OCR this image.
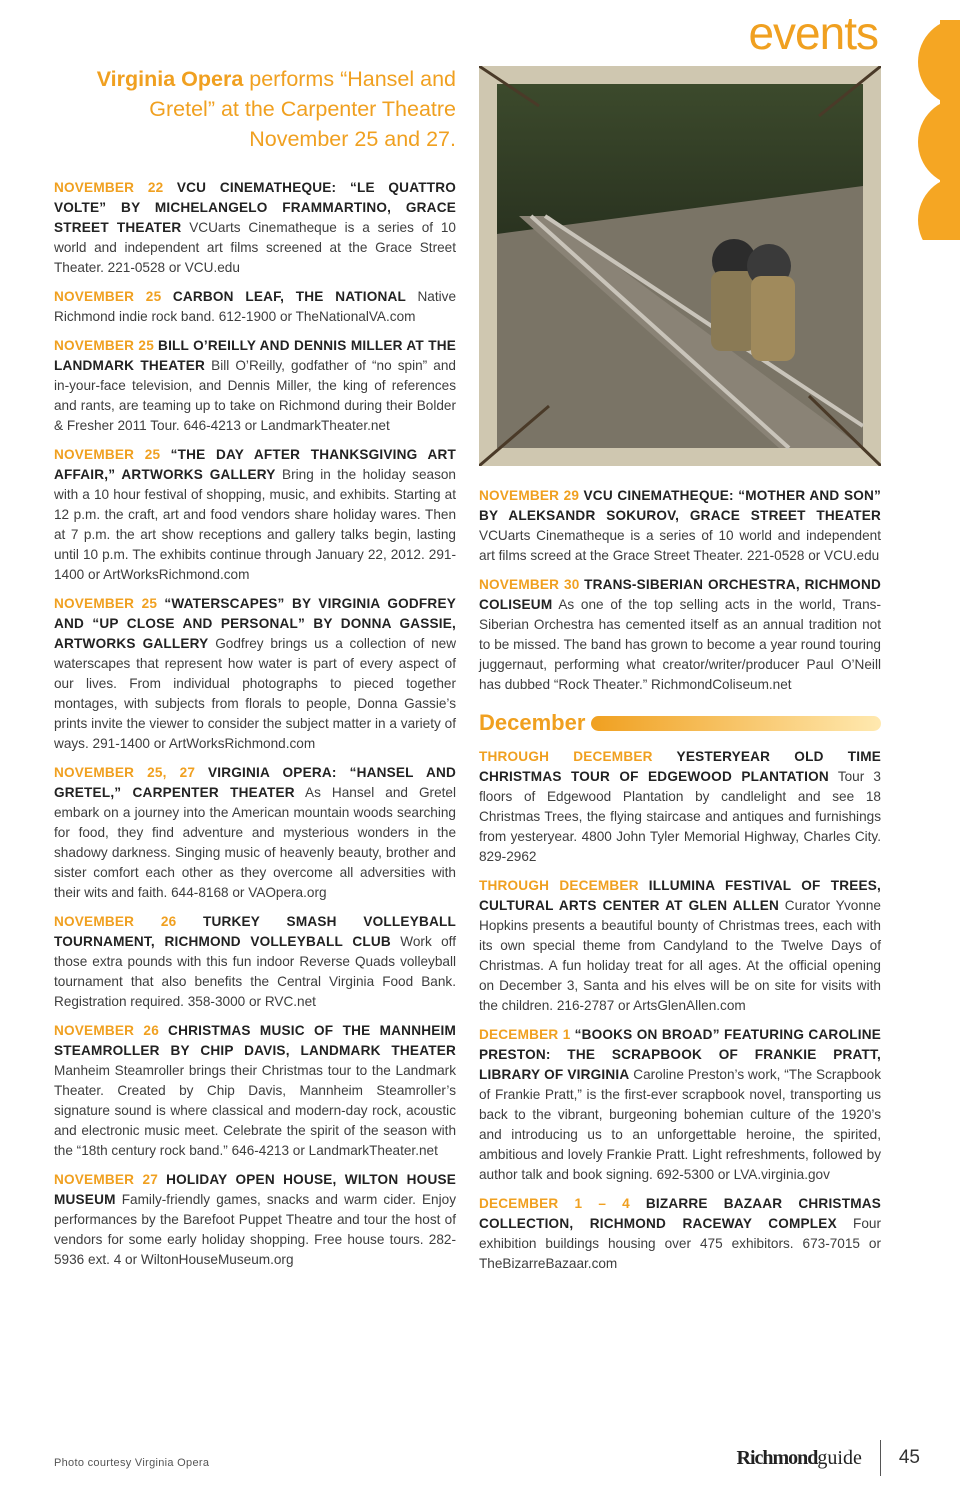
events
Virginia Opera performs “Hansel and Gretel” at the Carpenter Theatre November 25 and 27.

NOVEMBER 22 VCU CINEMATHEQUE: “LE QUATTRO VOLTE” BY MICHELANGELO FRAMMARTINO, GRACE STREET THEATER VCUarts Cinematheque is a series of 10 world and independent art films screened at the Grace Street Theater. 221-0528 or VCU.edu

NOVEMBER 25 CARBON LEAF, THE NATIONAL Native Richmond indie rock band. 612-1900 or TheNationalVA.com

NOVEMBER 25 BILL O’REILLY AND DENNIS MILLER AT THE LANDMARK THEATER Bill O’Reilly, godfather of “no spin” and in-your-face television, and Dennis Miller, the king of references and rants, are teaming up to take on Richmond during their Bolder & Fresher 2011 Tour. 646-4213 or LandmarkTheater.net

NOVEMBER 25 “THE DAY AFTER THANKSGIVING ART AFFAIR,” ARTWORKS GALLERY Bring in the holiday season with a 10 hour festival of shopping, music, and exhibits. Starting at 12 p.m. the craft, art and food vendors share holiday wares. Then at 7 p.m. the art show receptions and gallery talks begin, lasting until 10 p.m. The exhibits continue through January 22, 2012. 291-1400 or ArtWorksRichmond.com

NOVEMBER 25 “WATERSCAPES” BY VIRGINIA GODFREY AND “UP CLOSE AND PERSONAL” BY DONNA GASSIE, ARTWORKS GALLERY Godfrey brings us a collection of new waterscapes that represent how water is part of every aspect of our lives. From individual photographs to pieced together montages, with subjects from florals to people, Donna Gassie’s prints invite the viewer to consider the subject matter in a variety of ways. 291-1400 or ArtWorksRichmond.com

NOVEMBER 25, 27 VIRGINIA OPERA: “HANSEL AND GRETEL,” CARPENTER THEATER As Hansel and Gretel embark on a journey into the American mountain woods searching for food, they find adventure and mysterious wonders in the shadowy darkness. Singing music of heavenly beauty, brother and sister comfort each other as they overcome all adversities with their wits and faith. 644-8168 or VAOpera.org

NOVEMBER 26 TURKEY SMASH VOLLEYBALL TOURNAMENT, RICHMOND VOLLEYBALL CLUB Work off those extra pounds with this fun indoor Reverse Quads volleyball tournament that also benefits the Central Virginia Food Bank. Registration required. 358-3000 or RVC.net

NOVEMBER 26 CHRISTMAS MUSIC OF THE MANNHEIM STEAMROLLER BY CHIP DAVIS, LANDMARK THEATER Manheim Steamroller brings their Christmas tour to the Landmark Theater. Created by Chip Davis, Mannheim Steamroller’s signature sound is where classical and modern-day rock, acoustic and electronic music meet. Celebrate the spirit of the season with the “18th century rock band.” 646-4213 or LandmarkTheater.net

NOVEMBER 27 HOLIDAY OPEN HOUSE, WILTON HOUSE MUSEUM Family-friendly games, snacks and warm cider. Enjoy performances by the Barefoot Puppet Theatre and tour the host of vendors for some early holiday shopping. Free house tours. 282-5936 ext. 4 or WiltonHouseMuseum.org

NOVEMBER 29 VCU CINEMATHEQUE: “MOTHER AND SON” BY ALEKSANDR SOKUROV, GRACE STREET THEATER VCUarts Cinematheque is a series of 10 world and independent art films screed at the Grace Street Theater. 221-0528 or VCU.edu

NOVEMBER 30 TRANS-SIBERIAN ORCHESTRA, RICHMOND COLISEUM As one of the top selling acts in the world, Trans-Siberian Orchestra has cemented itself as an annual tradition not to be missed. The band has grown to become a year round touring juggernaut, performing what creator/writer/producer Paul O’Neill has dubbed “Rock Theater.” RichmondColiseum.net

December

THROUGH DECEMBER YESTERYEAR OLD TIME CHRISTMAS TOUR OF EDGEWOOD PLANTATION Tour 3 floors of Edgewood Plantation by candlelight and see 18 Christmas Trees, the flying staircase and antiques and furnishings from yesteryear. 4800 John Tyler Memorial Highway, Charles City. 829-2962

THROUGH DECEMBER ILLUMINA FESTIVAL OF TREES, CULTURAL ARTS CENTER AT GLEN ALLEN Curator Yvonne Hopkins presents a beautiful bounty of Christmas trees, each with its own special theme from Candyland to the Twelve Days of Christmas. A fun holiday treat for all ages. At the official opening on December 3, Santa and his elves will be on site for visits with the children. 216-2787 or ArtsGlenAllen.com

DECEMBER 1 “BOOKS ON BROAD” FEATURING CAROLINE PRESTON: THE SCRAPBOOK OF FRANKIE PRATT, LIBRARY OF VIRGINIA Caroline Preston’s work, “The Scrapbook of Frankie Pratt,” is the first-ever scrapbook novel, transporting us back to the vibrant, burgeoning bohemian culture of the 1920’s and introducing us to an unforgettable heroine, the spirited, ambitious and lovely Frankie Pratt. Light refreshments, followed by author talk and book signing. 692-5300 or LVA.virginia.gov

DECEMBER 1 – 4 BIZARRE BAZAAR CHRISTMAS COLLECTION, RICHMOND RACEWAY COMPLEX Four exhibition buildings housing over 475 exhibitors. 673-7015 or TheBizarreBazaar.com

Photo courtesy Virginia Opera	Richmondguide 45
